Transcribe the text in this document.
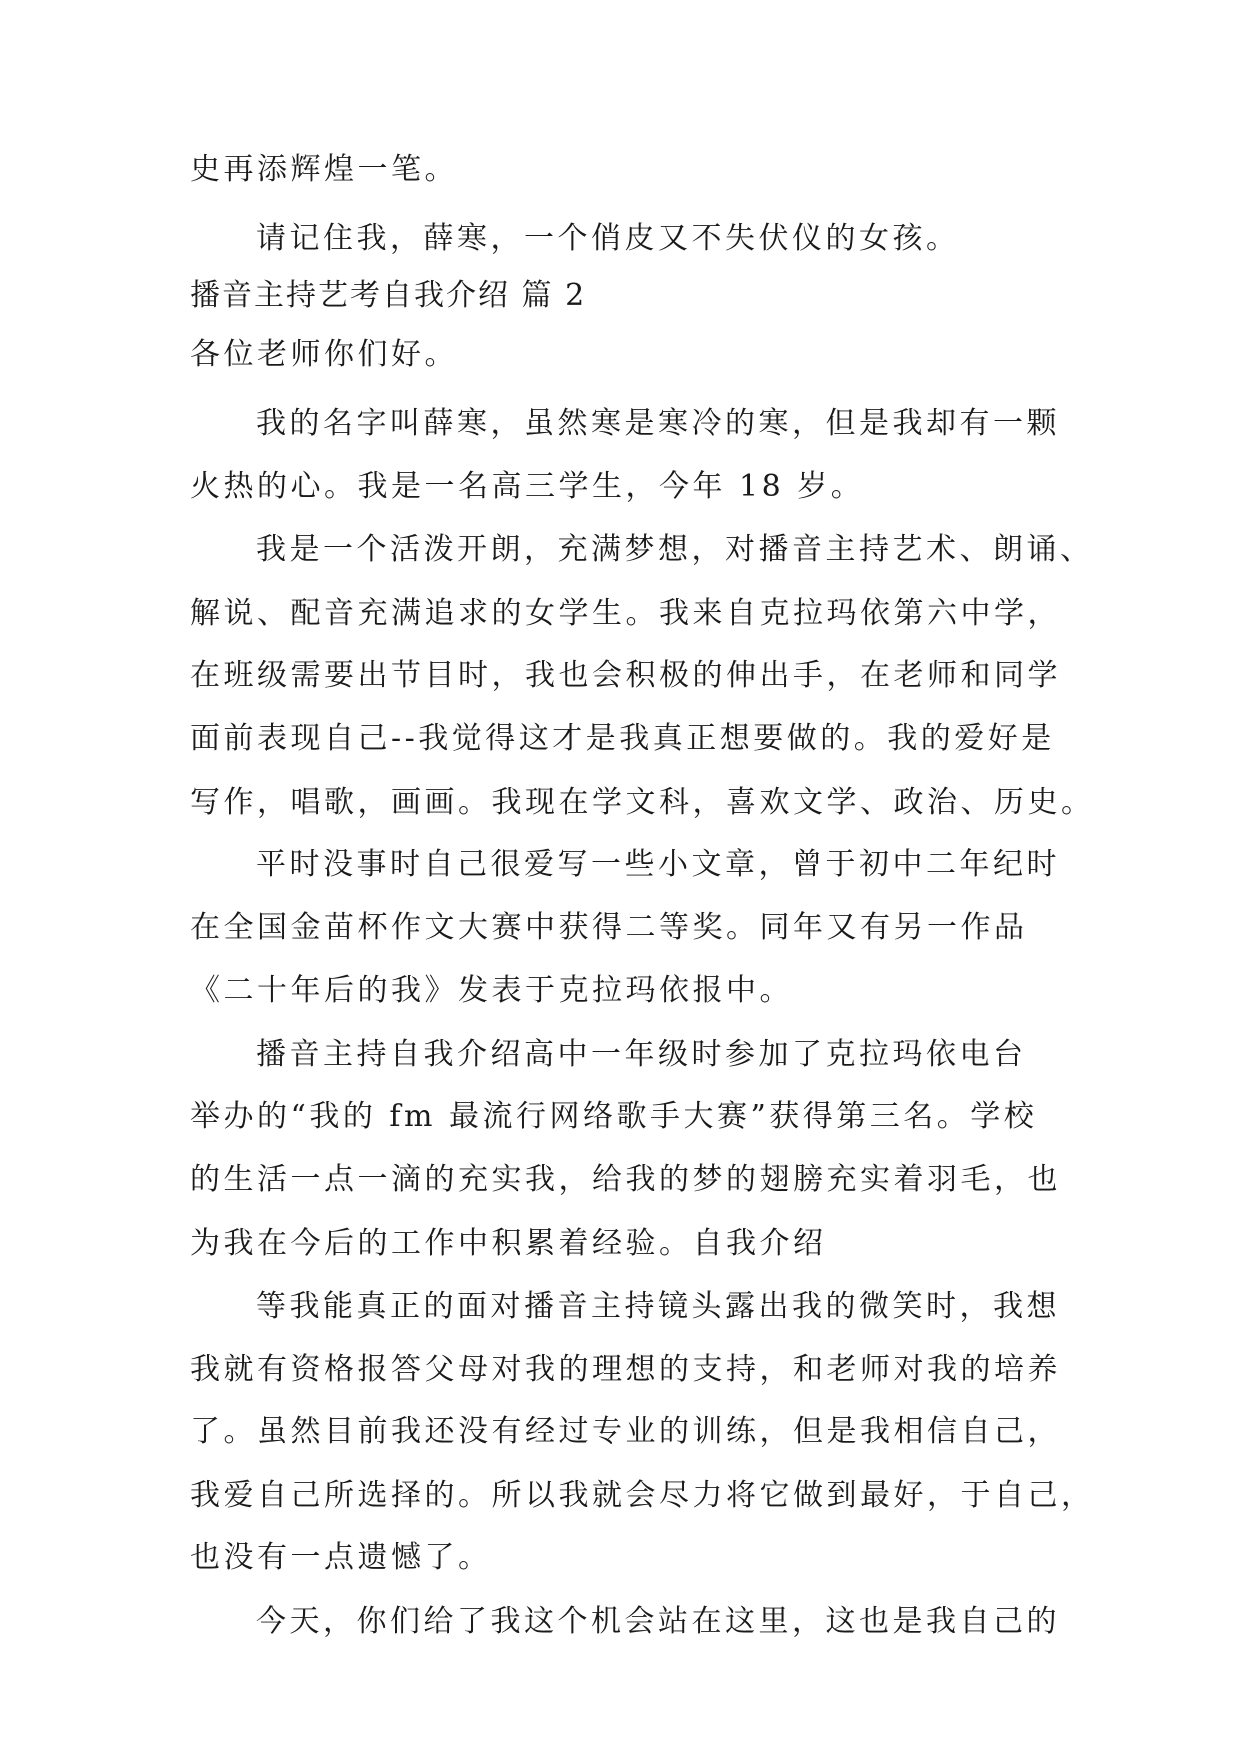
史再添辉煌一笔。
请记住我，薛寒，一个俏皮又不失伏仪的女孩。
播音主持艺考自我介绍 篇 2
各位老师你们好。
我的名字叫薛寒，虽然寒是寒冷的寒，但是我却有一颗
火热的心。我是一名高三学生，今年 18 岁。
我是一个活泼开朗，充满梦想，对播音主持艺术、朗诵、
解说、配音充满追求的女学生。我来自克拉玛依第六中学，
在班级需要出节目时，我也会积极的伸出手，在老师和同学
面前表现自己--我觉得这才是我真正想要做的。我的爱好是
写作，唱歌，画画。我现在学文科，喜欢文学、政治、历史。
平时没事时自己很爱写一些小文章，曾于初中二年纪时
在全国金苗杯作文大赛中获得二等奖。同年又有另一作品
《二十年后的我》发表于克拉玛依报中。
播音主持自我介绍高中一年级时参加了克拉玛依电台
举办的“我的 fm 最流行网络歌手大赛”获得第三名。学校
的生活一点一滴的充实我，给我的梦的翅膀充实着羽毛，也
为我在今后的工作中积累着经验。自我介绍
等我能真正的面对播音主持镜头露出我的微笑时，我想
我就有资格报答父母对我的理想的支持，和老师对我的培养
了。虽然目前我还没有经过专业的训练，但是我相信自己，
我爱自己所选择的。所以我就会尽力将它做到最好，于自己，
也没有一点遗憾了。
今天，你们给了我这个机会站在这里，这也是我自己的
